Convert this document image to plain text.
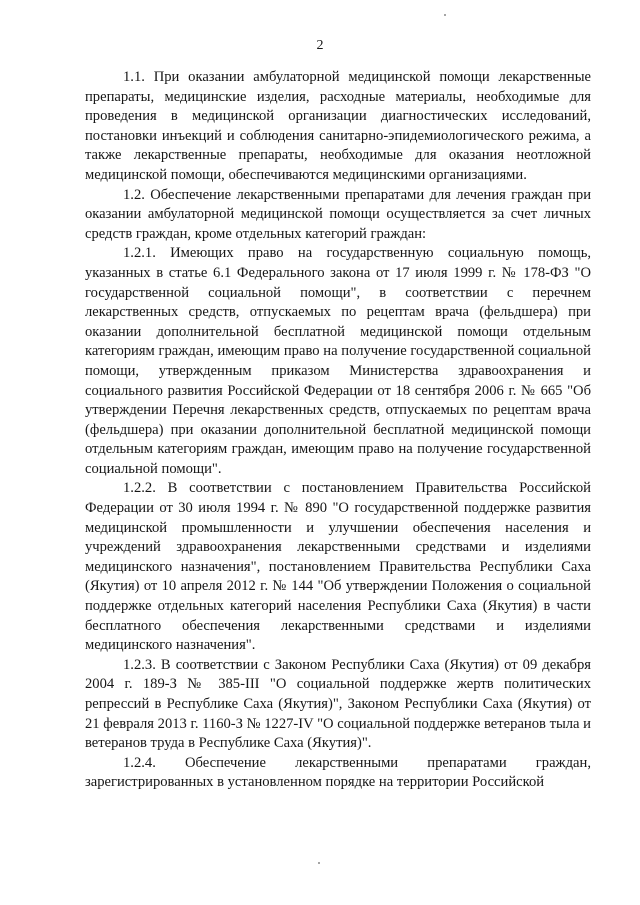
2

1.1. При оказании амбулаторной медицинской помощи лекарственные препараты, медицинские изделия, расходные материалы, необходимые для проведения в медицинской организации диагностических исследований, постановки инъекций и соблюдения санитарно-эпидемиологического режима, а также лекарственные препараты, необходимые для оказания неотложной медицинской помощи, обеспечиваются медицинскими организациями.

1.2. Обеспечение лекарственными препаратами для лечения граждан при оказании амбулаторной медицинской помощи осуществляется за счет личных средств граждан, кроме отдельных категорий граждан:

1.2.1. Имеющих право на государственную социальную помощь, указанных в статье 6.1 Федерального закона от 17 июля 1999 г. № 178-ФЗ "О государственной социальной помощи", в соответствии с перечнем лекарственных средств, отпускаемых по рецептам врача (фельдшера) при оказании дополнительной бесплатной медицинской помощи отдельным категориям граждан, имеющим право на получение государственной социальной помощи, утвержденным приказом Министерства здравоохранения и социального развития Российской Федерации от 18 сентября 2006 г. № 665 "Об утверждении Перечня лекарственных средств, отпускаемых по рецептам врача (фельдшера) при оказании дополнительной бесплатной медицинской помощи отдельным категориям граждан, имеющим право на получение государственной социальной помощи".

1.2.2. В соответствии с постановлением Правительства Российской Федерации от 30 июля 1994 г. № 890 "О государственной поддержке развития медицинской промышленности и улучшении обеспечения населения и учреждений здравоохранения лекарственными средствами и изделиями медицинского назначения", постановлением Правительства Республики Саха (Якутия) от 10 апреля 2012 г. № 144 "Об утверждении Положения о социальной поддержке отдельных категорий населения Республики Саха (Якутия) в части бесплатного обеспечения лекарственными средствами и изделиями медицинского назначения".

1.2.3. В соответствии с Законом Республики Саха (Якутия) от 09 декабря 2004 г. 189-З № 385-III "О социальной поддержке жертв политических репрессий в Республике Саха (Якутия)", Законом Республики Саха (Якутия) от 21 февраля 2013 г. 1160-З № 1227-IV "О социальной поддержке ветеранов тыла и ветеранов труда в Республике Саха (Якутия)".

1.2.4. Обеспечение лекарственными препаратами граждан, зарегистрированных в установленном порядке на территории Российской
